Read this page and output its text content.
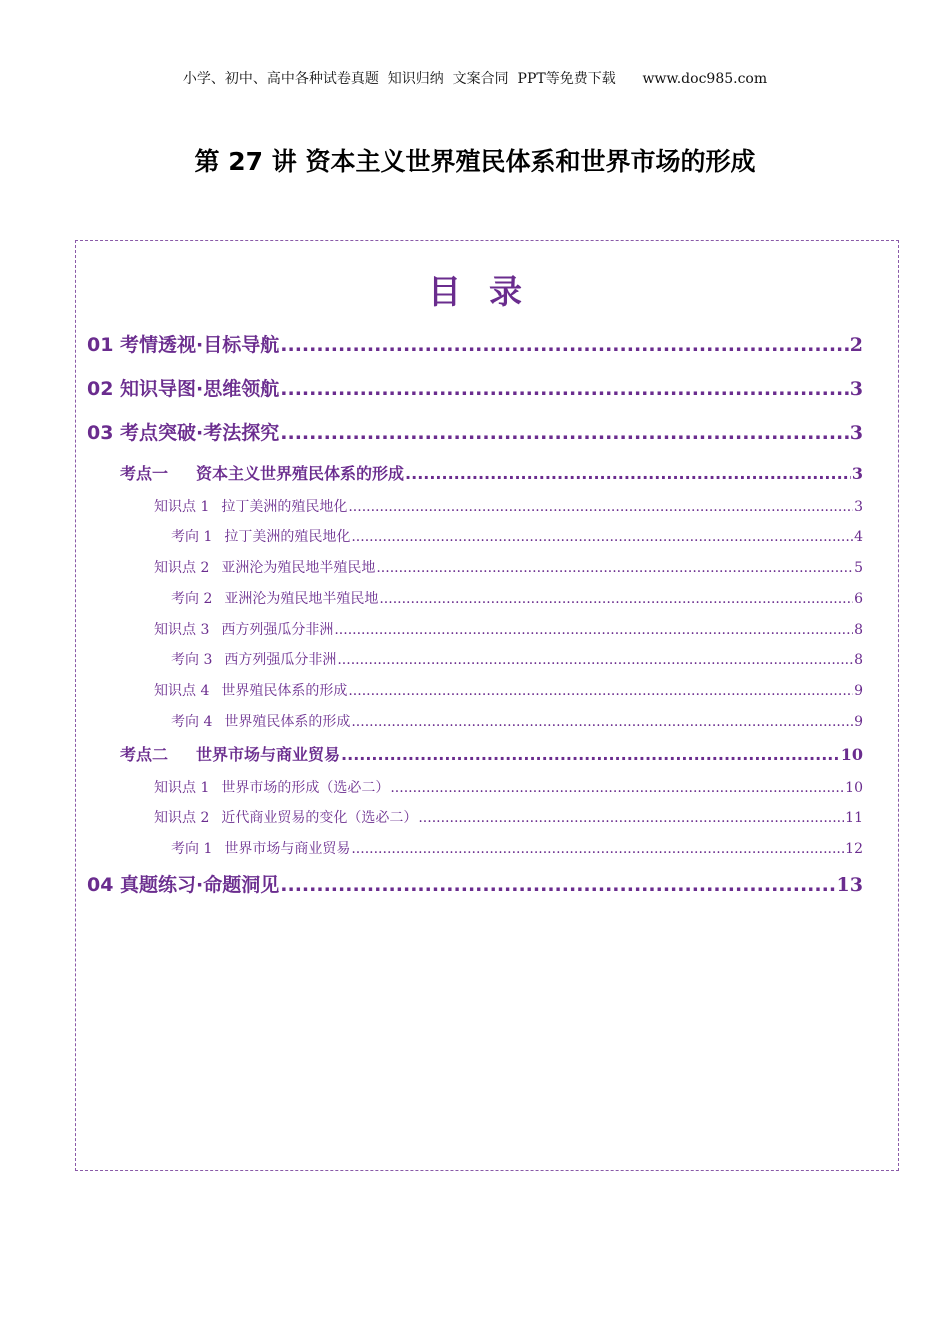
小学、初中、高中各种试卷真题  知识归纳  文案合同  PPT等免费下载      www.doc985.com
第 27 讲 资本主义世界殖民体系和世界市场的形成
目录
01 考情透视·目标导航 .....	2
02 知识导图·思维领航 .....	3
03 考点突破·考法探究 .....	3
考点一 资本主义世界殖民体系的形成 .....	3
知识点 1 拉丁美洲的殖民地化 .....	3
考向 1 拉丁美洲的殖民地化 .....	4
知识点 2 亚洲沦为殖民地半殖民地 .....	5
考向 2 亚洲沦为殖民地半殖民地 .....	6
知识点 3 西方列强瓜分非洲 .....	8
考向 3 西方列强瓜分非洲 .....	8
知识点 4 世界殖民体系的形成 .....	9
考向 4 世界殖民体系的形成 .....	9
考点二 世界市场与商业贸易 .....	10
知识点 1 世界市场的形成（选必二） .....	10
知识点 2 近代商业贸易的变化（选必二） .....	11
考向 1 世界市场与商业贸易 .....	12
04 真题练习·命题洞见 .....	13
